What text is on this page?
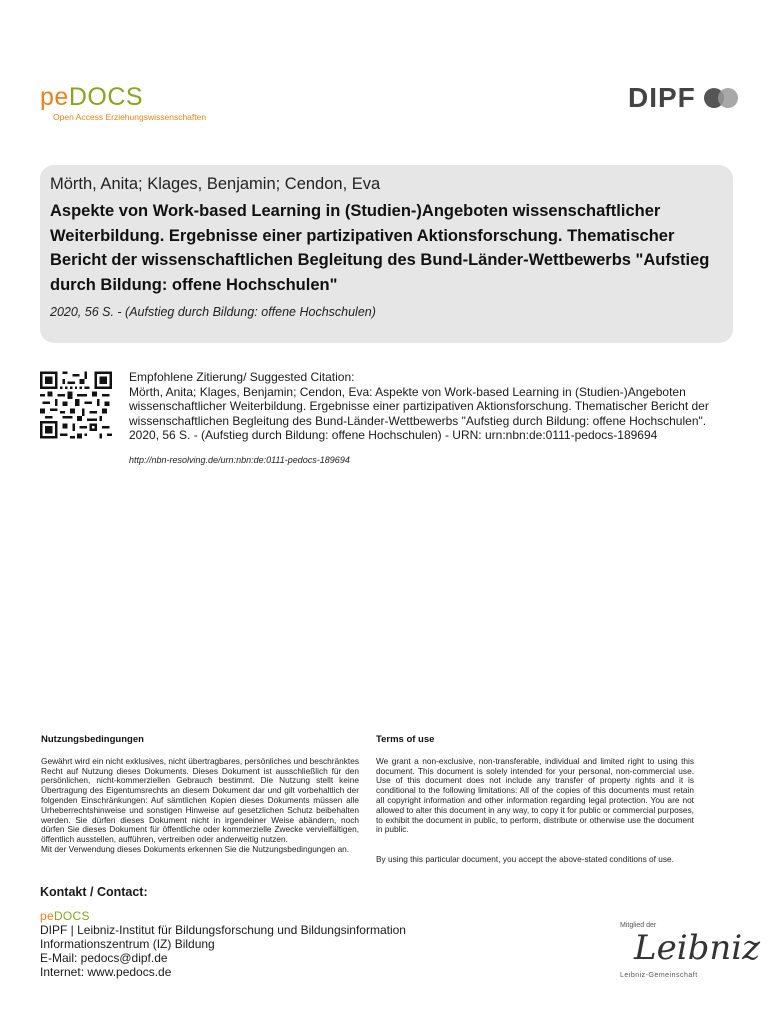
peDOCS
Open Access Erziehungswissenschaften
DIPF
Mörth, Anita; Klages, Benjamin; Cendon, Eva
Aspekte von Work-based Learning in (Studien-)Angeboten wissenschaftlicher Weiterbildung. Ergebnisse einer partizipativen Aktionsforschung. Thematischer Bericht der wissenschaftlichen Begleitung des Bund-Länder-Wettbewerbs "Aufstieg durch Bildung: offene Hochschulen"
2020, 56 S. - (Aufstieg durch Bildung: offene Hochschulen)

Empfohlene Zitierung/ Suggested Citation:

Mörth, Anita; Klages, Benjamin; Cendon, Eva: Aspekte von Work-based Learning in (Studien-)Angeboten wissenschaftlicher Weiterbildung. Ergebnisse einer partizipativen Aktionsforschung. Thematischer Bericht der wissenschaftlichen Begleitung des Bund-Länder-Wettbewerbs "Aufstieg durch Bildung: offene Hochschulen". 2020, 56 S. - (Aufstieg durch Bildung: offene Hochschulen) - URN: urn:nbn:de:0111-pedocs-189694

http://nbn-resolving.de/urn:nbn:de:0111-pedocs-189694
Nutzungsbedingungen

Gewährt wird ein nicht exklusives, nicht übertragbares, persönliches und beschränktes Recht auf Nutzung dieses Dokuments. Dieses Dokument ist ausschließlich für den persönlichen, nicht-kommerziellen Gebrauch bestimmt. Die Nutzung stellt keine Übertragung des Eigentumsrechts an diesem Dokument dar und gilt vorbehaltlich der folgenden Einschränkungen: Auf sämtlichen Kopien dieses Dokuments müssen alle Urheberrechtshinweise und sonstigen Hinweise auf gesetzlichen Schutz beibehalten werden. Sie dürfen dieses Dokument nicht in irgendeiner Weise abändern, noch dürfen Sie dieses Dokument für öffentliche oder kommerzielle Zwecke vervielfältigen, öffentlich ausstellen, aufführen, vertreiben oder anderweitig nutzen.

Mit der Verwendung dieses Dokuments erkennen Sie die Nutzungsbedingungen an.

Terms of use

We grant a non-exclusive, non-transferable, individual and limited right to using this document. This document is solely intended for your personal, non-commercial use. Use of this document does not include any transfer of property rights and it is conditional to the following limitations: All of the copies of this documents must retain all copyright information and other information regarding legal protection. You are not allowed to alter this document in any way, to copy it for public or commercial purposes, to exhibit the document in public, to perform, distribute or otherwise use the document in public.

By using this particular document, you accept the above-stated conditions of use.

Kontakt / Contact:
peDOCS
DIPF | Leibniz-Institut für Bildungsforschung und Bildungsinformation
Informationszentrum (IZ) Bildung
E-Mail: pedocs@dipf.de
Internet: www.pedocs.de
Mitglied der
Leibniz
Leibniz-Gemeinschaft
